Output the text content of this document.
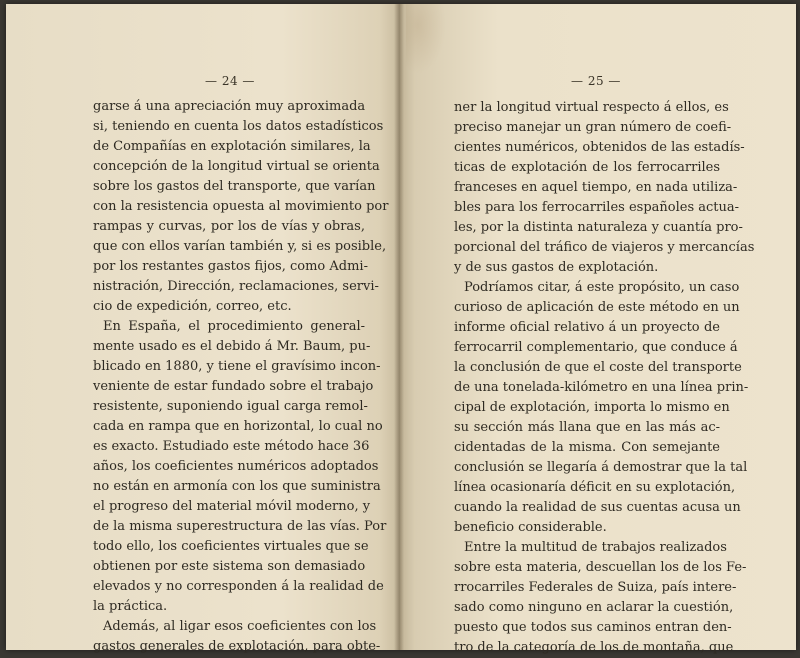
— 24 —
garse á una apreciación muy aproximada
si, teniendo en cuenta los datos estadísticos
de Compañías en explotación similares, la
concepción de la longitud virtual se orienta
sobre los gastos del transporte, que varían
con la resistencia opuesta al movimiento por
rampas y curvas, por los de vías y obras,
que con ellos varían también y, si es posible,
por los restantes gastos fijos, como Admi-
nistración, Dirección, reclamaciones, servi-
cio de expedición, correo, etc.
En España, el procedimiento general-
mente usado es el debido á Mr. Baum, pu-
blicado en 1880, y tiene el gravísimo incon-
veniente de estar fundado sobre el trabajo
resistente, suponiendo igual carga remol-
cada en rampa que en horizontal, lo cual no
es exacto. Estudiado este método hace 36
años, los coeficientes numéricos adoptados
no están en armonía con los que suministra
el progreso del material móvil moderno, y
de la misma superestructura de las vías. Por
todo ello, los coeficientes virtuales que se
obtienen por este sistema son demasiado
elevados y no corresponden á la realidad de
la práctica.
Además, al ligar esos coeficientes con los
gastos generales de explotación, para obte-
— 25 —
ner la longitud virtual respecto á ellos, es
preciso manejar un gran número de coefi-
cientes numéricos, obtenidos de las estadís-
ticas de explotación de los ferrocarriles
franceses en aquel tiempo, en nada utiliza-
bles para los ferrocarriles españoles actua-
les, por la distinta naturaleza y cuantía pro-
porcional del tráfico de viajeros y mercancías
y de sus gastos de explotación.
Podríamos citar, á este propósito, un caso
curioso de aplicación de este método en un
informe oficial relativo á un proyecto de
ferrocarril complementario, que conduce á
la conclusión de que el coste del transporte
de una tonelada-kilómetro en una línea prin-
cipal de explotación, importa lo mismo en
su sección más llana que en las más ac-
cidentadas de la misma. Con semejante
conclusión se llegaría á demostrar que la tal
línea ocasionaría déficit en su explotación,
cuando la realidad de sus cuentas acusa un
beneficio considerable.
Entre la multitud de trabajos realizados
sobre esta materia, descuellan los de los Fe-
rrocarriles Federales de Suiza, país intere-
sado como ninguno en aclarar la cuestión,
puesto que todos sus caminos entran den-
tro de la categoría de los de montaña, que
